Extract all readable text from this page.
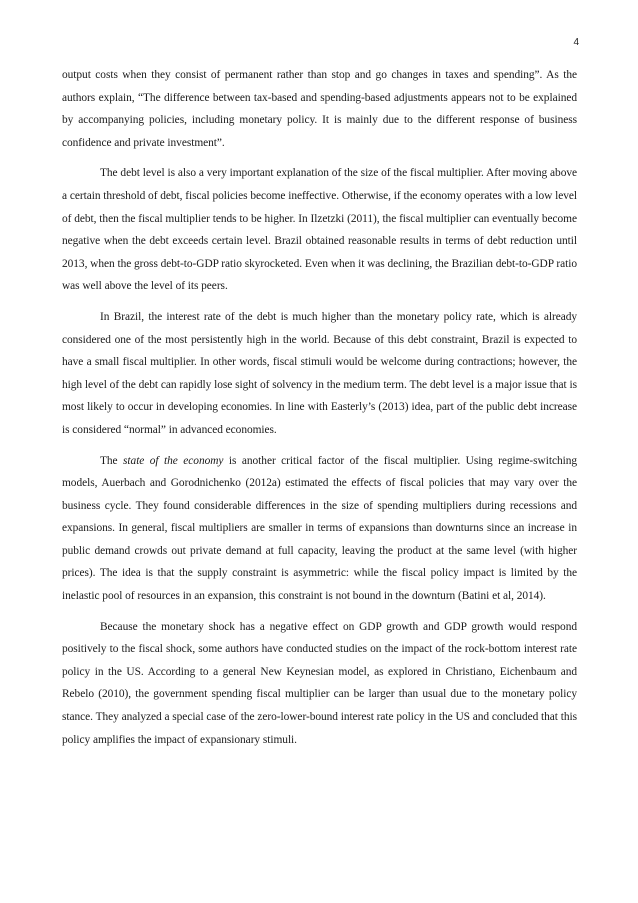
4

output costs when they consist of permanent rather than stop and go changes in taxes and spending”. As the authors explain, “The difference between tax-based and spending-based adjustments appears not to be explained by accompanying policies, including monetary policy. It is mainly due to the different response of business confidence and private investment”.

The debt level is also a very important explanation of the size of the fiscal multiplier. After moving above a certain threshold of debt, fiscal policies become ineffective. Otherwise, if the economy operates with a low level of debt, then the fiscal multiplier tends to be higher. In Ilzetzki (2011), the fiscal multiplier can eventually become negative when the debt exceeds certain level. Brazil obtained reasonable results in terms of debt reduction until 2013, when the gross debt-to-GDP ratio skyrocketed. Even when it was declining, the Brazilian debt-to-GDP ratio was well above the level of its peers.

In Brazil, the interest rate of the debt is much higher than the monetary policy rate, which is already considered one of the most persistently high in the world. Because of this debt constraint, Brazil is expected to have a small fiscal multiplier. In other words, fiscal stimuli would be welcome during contractions; however, the high level of the debt can rapidly lose sight of solvency in the medium term. The debt level is a major issue that is most likely to occur in developing economies. In line with Easterly’s (2013) idea, part of the public debt increase is considered “normal” in advanced economies.

The state of the economy is another critical factor of the fiscal multiplier. Using regime-switching models, Auerbach and Gorodnichenko (2012a) estimated the effects of fiscal policies that may vary over the business cycle. They found considerable differences in the size of spending multipliers during recessions and expansions. In general, fiscal multipliers are smaller in terms of expansions than downturns since an increase in public demand crowds out private demand at full capacity, leaving the product at the same level (with higher prices). The idea is that the supply constraint is asymmetric: while the fiscal policy impact is limited by the inelastic pool of resources in an expansion, this constraint is not bound in the downturn (Batini et al, 2014).

Because the monetary shock has a negative effect on GDP growth and GDP growth would respond positively to the fiscal shock, some authors have conducted studies on the impact of the rock-bottom interest rate policy in the US. According to a general New Keynesian model, as explored in Christiano, Eichenbaum and Rebelo (2010), the government spending fiscal multiplier can be larger than usual due to the monetary policy stance. They analyzed a special case of the zero-lower-bound interest rate policy in the US and concluded that this policy amplifies the impact of expansionary stimuli.
